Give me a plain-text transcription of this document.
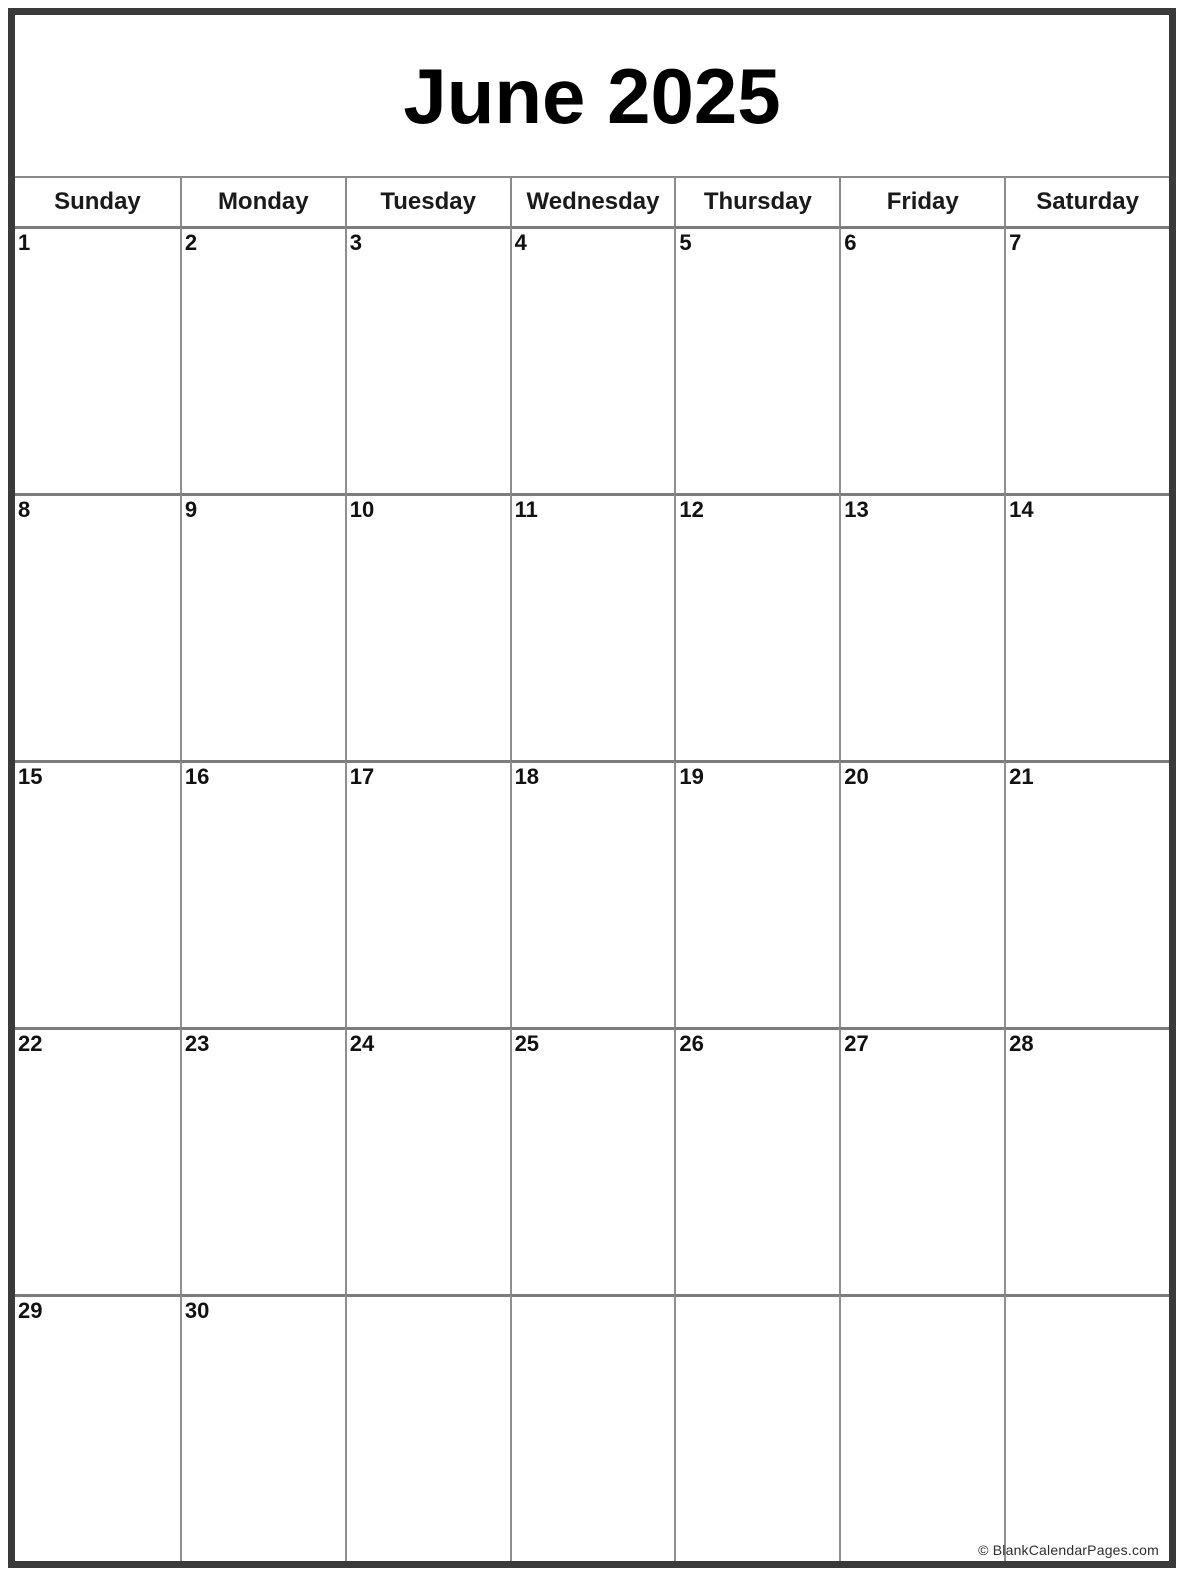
June 2025
Sunday	Monday	Tuesday	Wednesday	Thursday	Friday	Saturday
1	2	3	4	5	6	7
8	9	10	11	12	13	14
15	16	17	18	19	20	21
22	23	24	25	26	27	28
29	30
© BlankCalendarPages.com
